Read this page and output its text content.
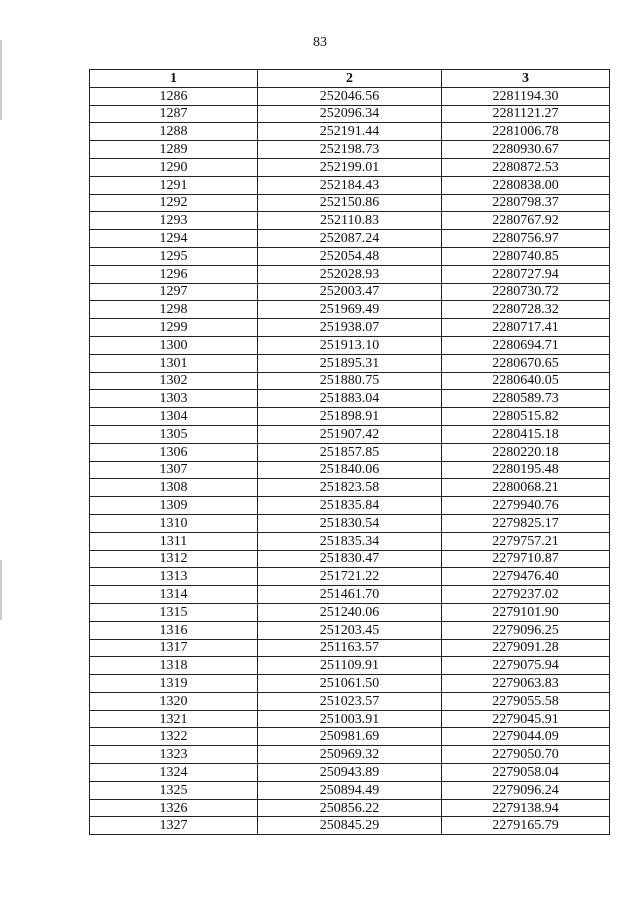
83
1	2	3
1286	252046.56	2281194.30
1287	252096.34	2281121.27
1288	252191.44	2281006.78
1289	252198.73	2280930.67
1290	252199.01	2280872.53
1291	252184.43	2280838.00
1292	252150.86	2280798.37
1293	252110.83	2280767.92
1294	252087.24	2280756.97
1295	252054.48	2280740.85
1296	252028.93	2280727.94
1297	252003.47	2280730.72
1298	251969.49	2280728.32
1299	251938.07	2280717.41
1300	251913.10	2280694.71
1301	251895.31	2280670.65
1302	251880.75	2280640.05
1303	251883.04	2280589.73
1304	251898.91	2280515.82
1305	251907.42	2280415.18
1306	251857.85	2280220.18
1307	251840.06	2280195.48
1308	251823.58	2280068.21
1309	251835.84	2279940.76
1310	251830.54	2279825.17
1311	251835.34	2279757.21
1312	251830.47	2279710.87
1313	251721.22	2279476.40
1314	251461.70	2279237.02
1315	251240.06	2279101.90
1316	251203.45	2279096.25
1317	251163.57	2279091.28
1318	251109.91	2279075.94
1319	251061.50	2279063.83
1320	251023.57	2279055.58
1321	251003.91	2279045.91
1322	250981.69	2279044.09
1323	250969.32	2279050.70
1324	250943.89	2279058.04
1325	250894.49	2279096.24
1326	250856.22	2279138.94
1327	250845.29	2279165.79
